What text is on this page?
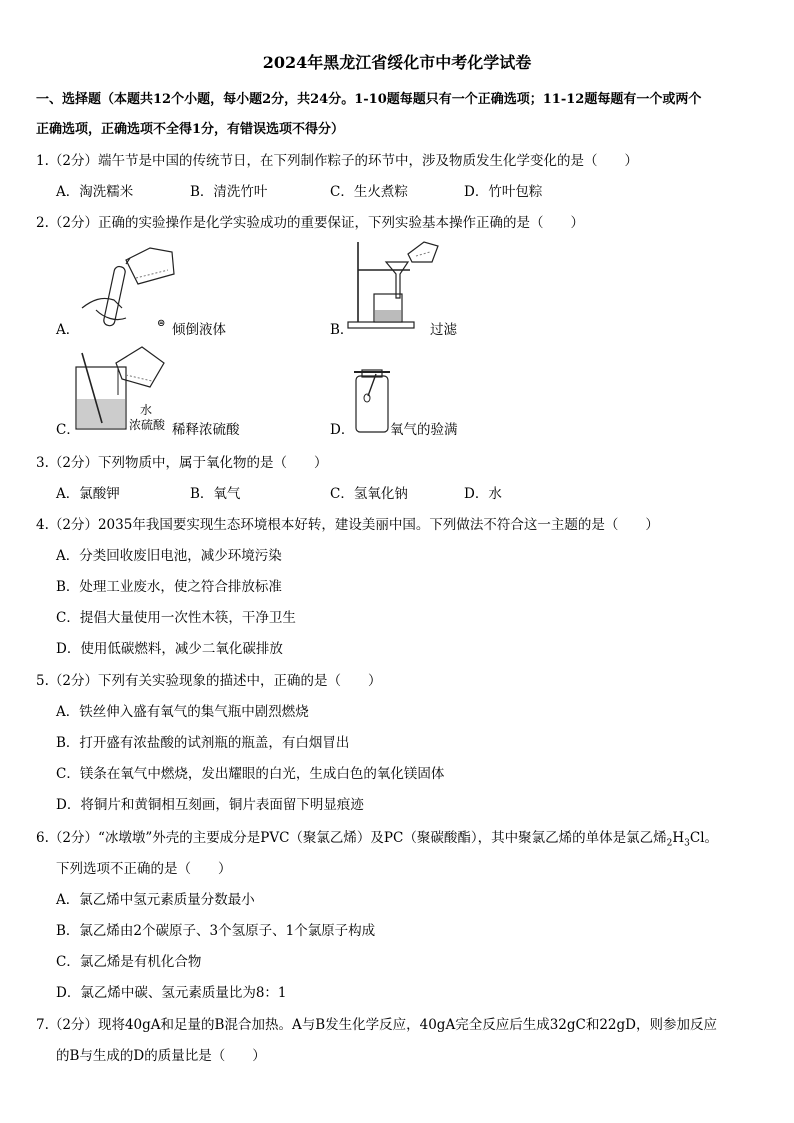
2024年黑龙江省绥化市中考化学试卷
一、选择题（本题共12个小题，每小题2分，共24分。1-10题每题只有一个正确选项；11-12题每题有一个或两个
正确选项，正确选项不全得1分，有错误选项不得分）
1.（2分）端午节是中国的传统节日，在下列制作粽子的环节中，涉及物质发生化学变化的是（　　）
A．淘洗糯米	B．清洗竹叶	C．生火煮粽	D．竹叶包粽
2.（2分）正确的实验操作是化学实验成功的重要保证，下列实验基本操作正确的是（　　）
A．	⊜ 倾倒液体	B．	过滤
C．
水
浓硫酸 稀释浓硫酸	D．	氧气的验满
3.（2分）下列物质中，属于氧化物的是（　　）
A．氯酸钾	B．氧气	C．氢氧化钠	D．水
4.（2分）2035年我国要实现生态环境根本好转，建设美丽中国。下列做法不符合这一主题的是（　　）
A．分类回收废旧电池，减少环境污染
B．处理工业废水，使之符合排放标准
C．提倡大量使用一次性木筷，干净卫生
D．使用低碳燃料，减少二氧化碳排放
5.（2分）下列有关实验现象的描述中，正确的是（　　）
A．铁丝伸入盛有氧气的集气瓶中剧烈燃烧
B．打开盛有浓盐酸的试剂瓶的瓶盖，有白烟冒出
C．镁条在氧气中燃烧，发出耀眼的白光，生成白色的氧化镁固体
D．将铜片和黄铜相互刻画，铜片表面留下明显痕迹
6.（2分）“冰墩墩”外壳的主要成分是PVC（聚氯乙烯）及PC（聚碳酸酯），其中聚氯乙烯的单体是氯乙烯$_2H_3Cl$。
下列选项不正确的是（　　）
A．氯乙烯中氢元素质量分数最小
B．氯乙烯由2个碳原子、3个氢原子、1个氯原子构成
C．氯乙烯是有机化合物
D．氯乙烯中碳、氢元素质量比为8：1
7.（2分）现将40gA和足量的B混合加热。A与B发生化学反应，40gA完全反应后生成32gC和22gD，则参加反应
的B与生成的D的质量比是（　　）
